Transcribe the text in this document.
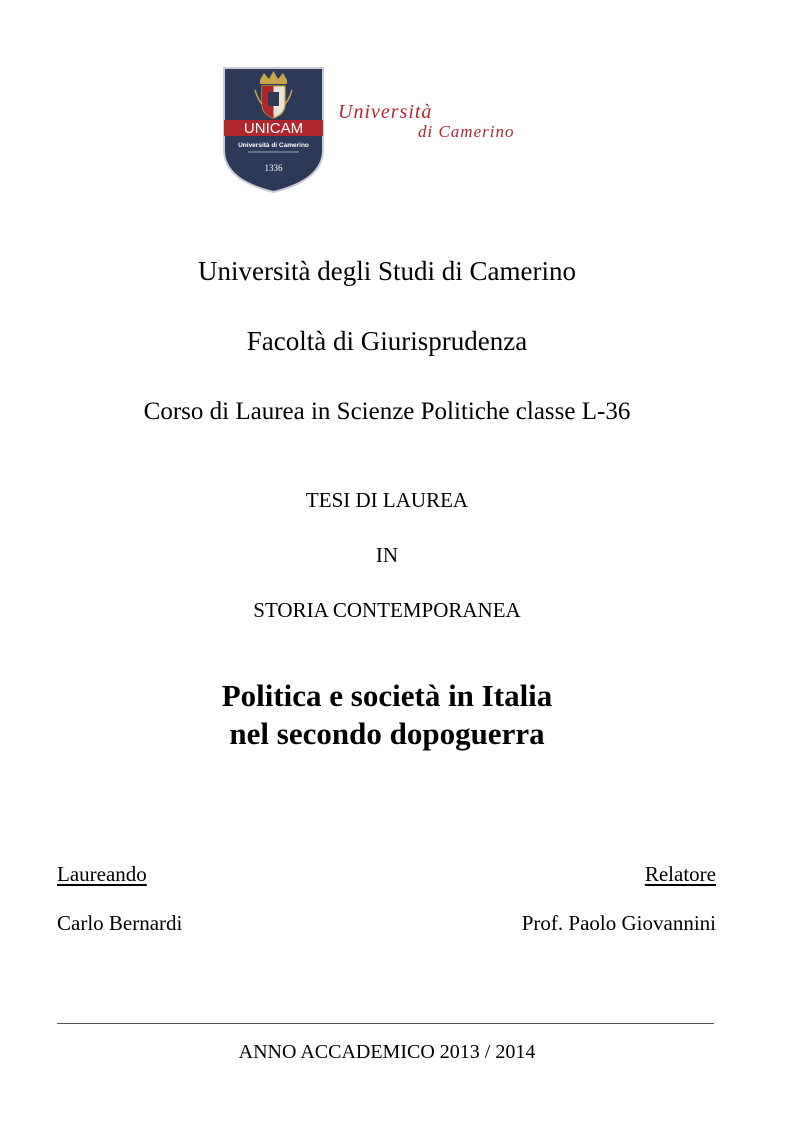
UNICAM
Università di Camerino
1336
Università
di Camerino
Università degli Studi di Camerino
Facoltà di Giurisprudenza
Corso di Laurea in Scienze Politiche classe L-36
TESI DI LAUREA
IN
STORIA CONTEMPORANEA
Politica e società in Italia
nel secondo dopoguerra
Laureando
Carlo Bernardi
Relatore
Prof. Paolo Giovannini
ANNO ACCADEMICO 2013 / 2014
